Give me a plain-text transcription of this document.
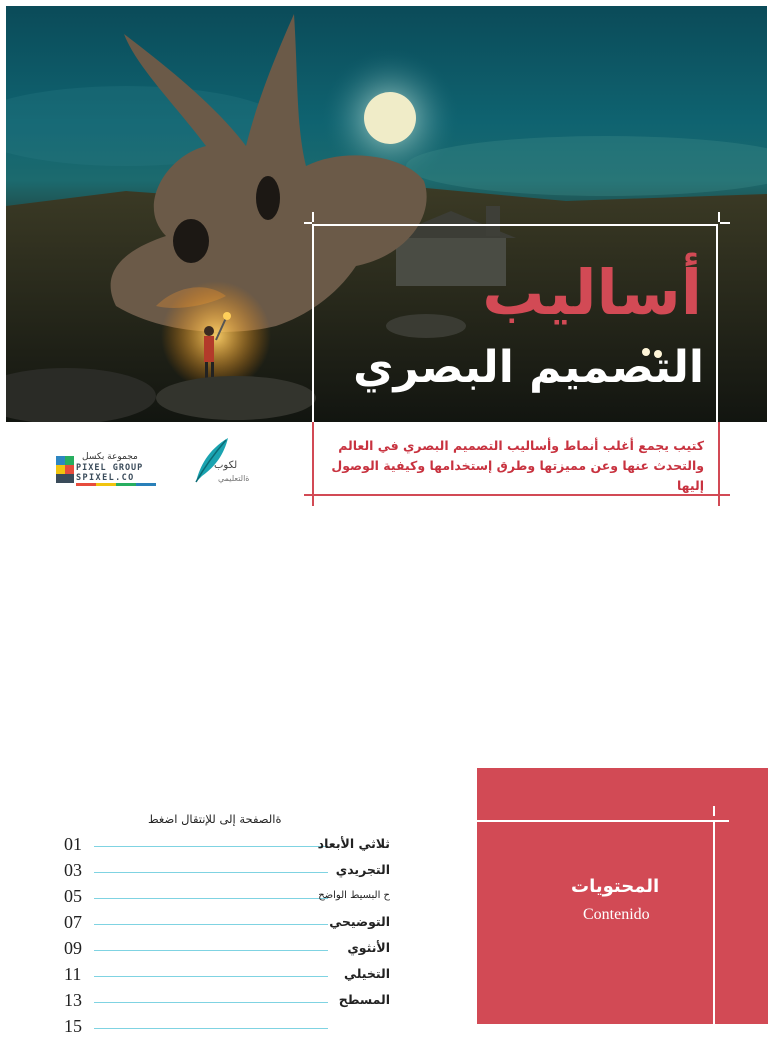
أساليب
التصميم البصري
كتيب يجمع أغلب أنماط وأساليب التصميم البصري في العالم
والتحدث عنها وعن مميزتها وطرق إستخدامها وكيفية الوصول إليها
مجموعة بكسل
PIXEL GROUP
SPIXEL.CO
لكوب
ةالتعليمي
ةالصفحة إلى للإنتقال اضغط
01	ثلاثي الأبعاد
03	التجريدي
05	ح البسيط الواضح
07	التوضيحي
09	الأنثوي
11	التخيلي
13	المسطح
15
المحتويات
Contenido
